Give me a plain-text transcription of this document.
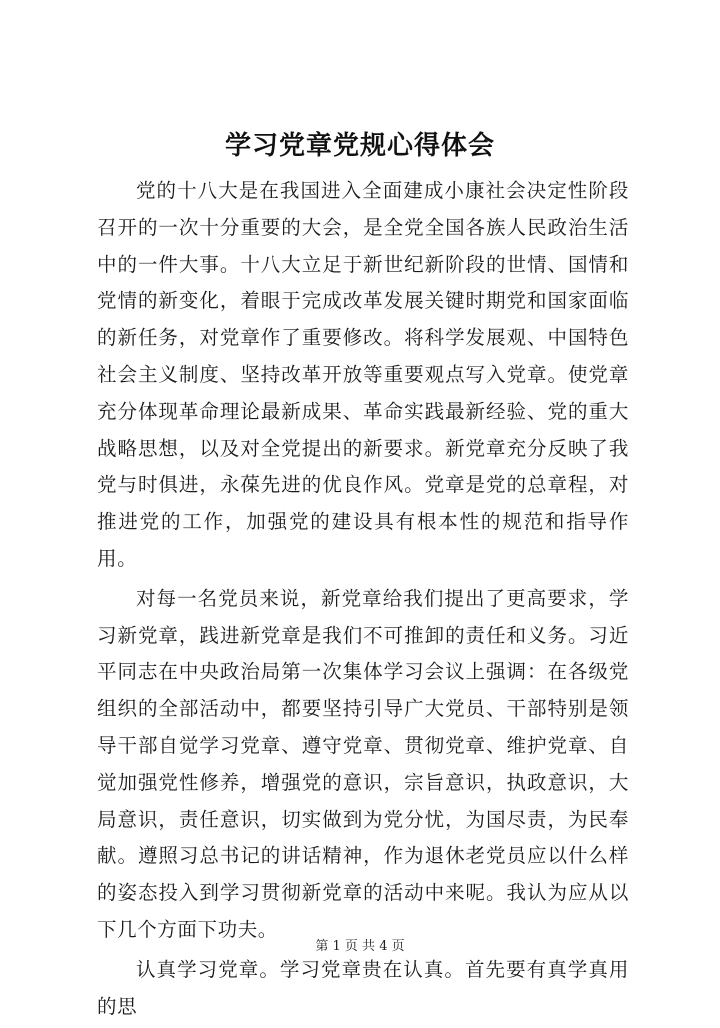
学习党章党规心得体会

党的十八大是在我国进入全面建成小康社会决定性阶段召开的一次十分重要的大会，是全党全国各族人民政治生活中的一件大事。十八大立足于新世纪新阶段的世情、国情和党情的新变化，着眼于完成改革发展关键时期党和国家面临的新任务，对党章作了重要修改。将科学发展观、中国特色社会主义制度、坚持改革开放等重要观点写入党章。使党章充分体现革命理论最新成果、革命实践最新经验、党的重大战略思想，以及对全党提出的新要求。新党章充分反映了我党与时俱进，永葆先进的优良作风。党章是党的总章程，对推进党的工作，加强党的建设具有根本性的规范和指导作用。

对每一名党员来说，新党章给我们提出了更高要求，学习新党章，践进新党章是我们不可推卸的责任和义务。习近平同志在中央政治局第一次集体学习会议上强调：在各级党组织的全部活动中，都要坚持引导广大党员、干部特别是领导干部自觉学习党章、遵守党章、贯彻党章、维护党章、自觉加强党性修养，增强党的意识，宗旨意识，执政意识，大局意识，责任意识，切实做到为党分忧，为国尽责，为民奉献。遵照习总书记的讲话精神，作为退休老党员应以什么样的姿态投入到学习贯彻新党章的活动中来呢。我认为应从以下几个方面下功夫。

认真学习党章。学习党章贵在认真。首先要有真学真用的思

第 1 页 共 4 页
